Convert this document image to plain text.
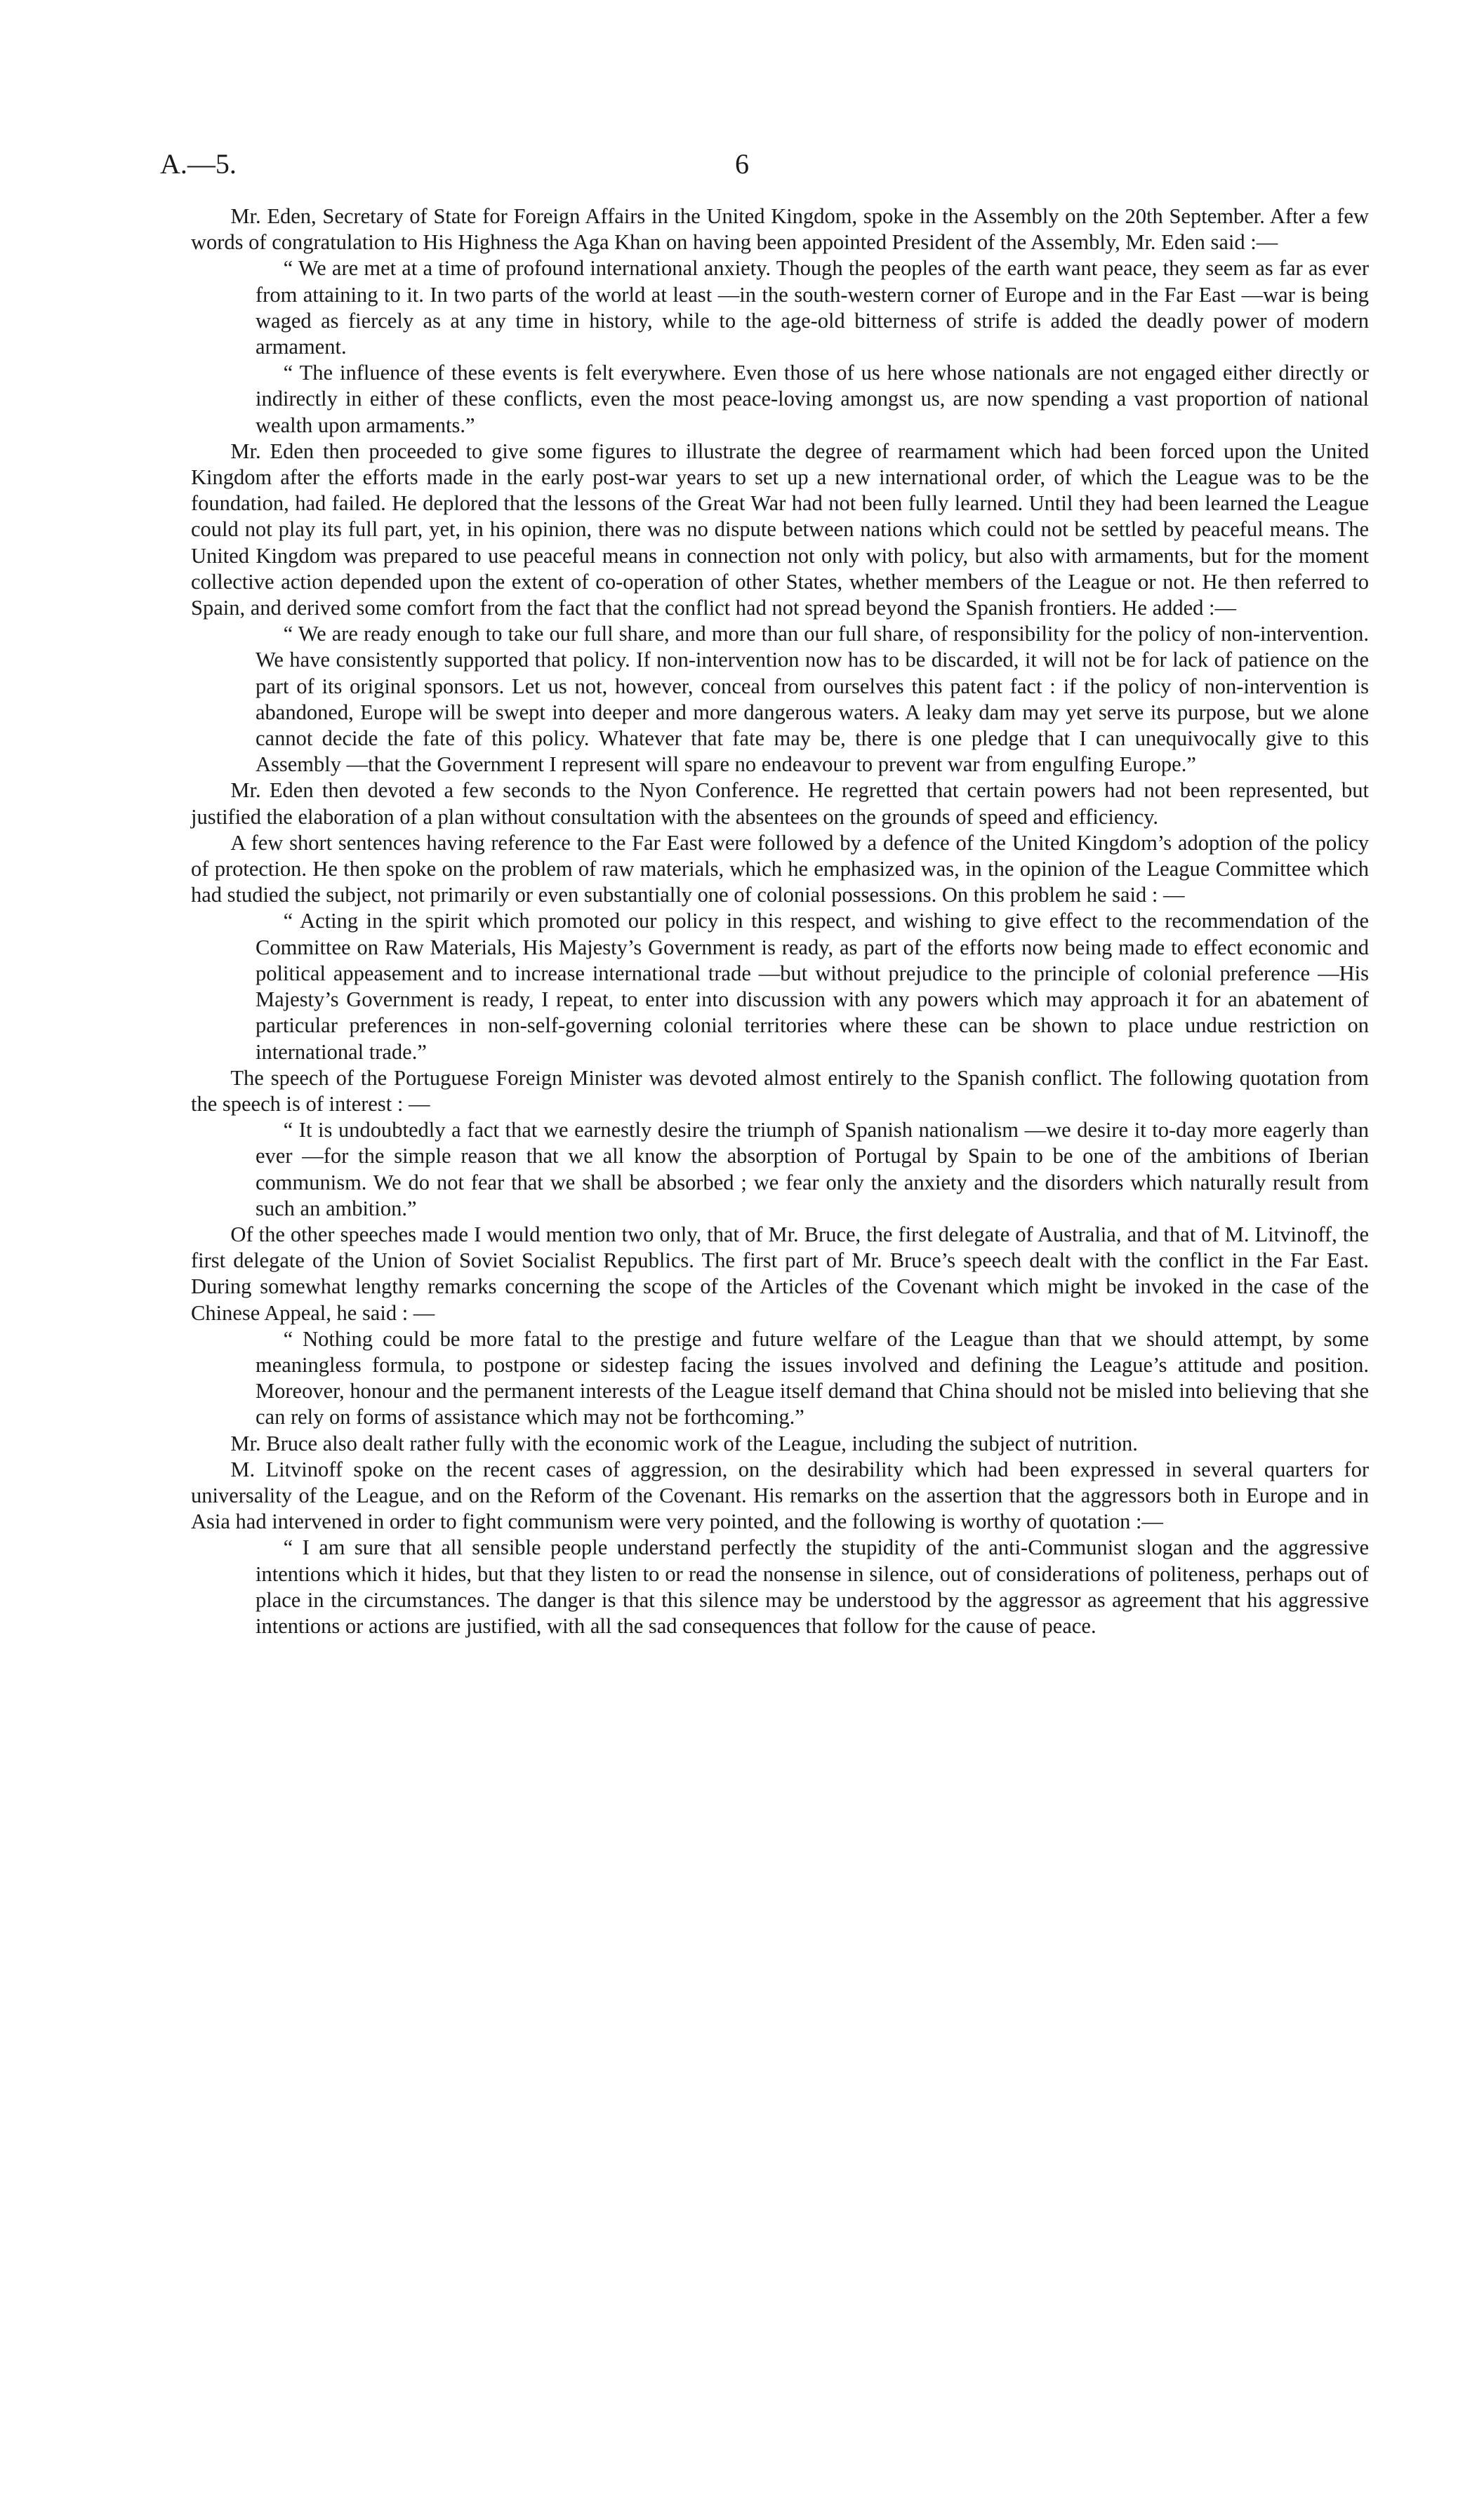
A.—5.	6

Mr. Eden, Secretary of State for Foreign Affairs in the United Kingdom, spoke in the Assembly on the 20th September. After a few words of congratulation to His Highness the Aga Khan on having been appointed President of the Assembly, Mr. Eden said :—

“ We are met at a time of profound international anxiety. Though the peoples of the earth want peace, they seem as far as ever from attaining to it. In two parts of the world at least —in the south-western corner of Europe and in the Far East —war is being waged as fiercely as at any time in history, while to the age-old bitterness of strife is added the deadly power of modern armament.

“ The influence of these events is felt everywhere. Even those of us here whose nationals are not engaged either directly or indirectly in either of these conflicts, even the most peace-loving amongst us, are now spending a vast proportion of national wealth upon armaments.”

Mr. Eden then proceeded to give some figures to illustrate the degree of rearmament which had been forced upon the United Kingdom after the efforts made in the early post-war years to set up a new international order, of which the League was to be the foundation, had failed. He deplored that the lessons of the Great War had not been fully learned. Until they had been learned the League could not play its full part, yet, in his opinion, there was no dispute between nations which could not be settled by peaceful means. The United Kingdom was prepared to use peaceful means in connection not only with policy, but also with armaments, but for the moment collective action depended upon the extent of co-operation of other States, whether members of the League or not. He then referred to Spain, and derived some comfort from the fact that the conflict had not spread beyond the Spanish frontiers. He added :—

“ We are ready enough to take our full share, and more than our full share, of responsibility for the policy of non-intervention. We have consistently supported that policy. If non-intervention now has to be discarded, it will not be for lack of patience on the part of its original sponsors. Let us not, however, conceal from ourselves this patent fact : if the policy of non-intervention is abandoned, Europe will be swept into deeper and more dangerous waters. A leaky dam may yet serve its purpose, but we alone cannot decide the fate of this policy. Whatever that fate may be, there is one pledge that I can unequivocally give to this Assembly —that the Government I represent will spare no endeavour to prevent war from engulfing Europe.”

Mr. Eden then devoted a few seconds to the Nyon Conference. He regretted that certain powers had not been represented, but justified the elaboration of a plan without consultation with the absentees on the grounds of speed and efficiency.

A few short sentences having reference to the Far East were followed by a defence of the United Kingdom’s adoption of the policy of protection. He then spoke on the problem of raw materials, which he emphasized was, in the opinion of the League Committee which had studied the subject, not primarily or even substantially one of colonial possessions. On this problem he said : —

“ Acting in the spirit which promoted our policy in this respect, and wishing to give effect to the recommendation of the Committee on Raw Materials, His Majesty’s Government is ready, as part of the efforts now being made to effect economic and political appeasement and to increase international trade —but without prejudice to the principle of colonial preference —His Majesty’s Government is ready, I repeat, to enter into discussion with any powers which may approach it for an abatement of particular preferences in non-self-governing colonial territories where these can be shown to place undue restriction on international trade.”

The speech of the Portuguese Foreign Minister was devoted almost entirely to the Spanish conflict. The following quotation from the speech is of interest : —

“ It is undoubtedly a fact that we earnestly desire the triumph of Spanish nationalism —we desire it to-day more eagerly than ever —for the simple reason that we all know the absorption of Portugal by Spain to be one of the ambitions of Iberian communism. We do not fear that we shall be absorbed ; we fear only the anxiety and the disorders which naturally result from such an ambition.”

Of the other speeches made I would mention two only, that of Mr. Bruce, the first delegate of Australia, and that of M. Litvinoff, the first delegate of the Union of Soviet Socialist Republics. The first part of Mr. Bruce’s speech dealt with the conflict in the Far East. During somewhat lengthy remarks concerning the scope of the Articles of the Covenant which might be invoked in the case of the Chinese Appeal, he said : —

“ Nothing could be more fatal to the prestige and future welfare of the League than that we should attempt, by some meaningless formula, to postpone or sidestep facing the issues involved and defining the League’s attitude and position. Moreover, honour and the permanent interests of the League itself demand that China should not be misled into believing that she can rely on forms of assistance which may not be forthcoming.”

Mr. Bruce also dealt rather fully with the economic work of the League, including the subject of nutrition.

M. Litvinoff spoke on the recent cases of aggression, on the desirability which had been expressed in several quarters for universality of the League, and on the Reform of the Covenant. His remarks on the assertion that the aggressors both in Europe and in Asia had intervened in order to fight communism were very pointed, and the following is worthy of quotation :—

“ I am sure that all sensible people understand perfectly the stupidity of the anti-Communist slogan and the aggressive intentions which it hides, but that they listen to or read the nonsense in silence, out of considerations of politeness, perhaps out of place in the circumstances. The danger is that this silence may be understood by the aggressor as agreement that his aggressive intentions or actions are justified, with all the sad consequences that follow for the cause of peace.
